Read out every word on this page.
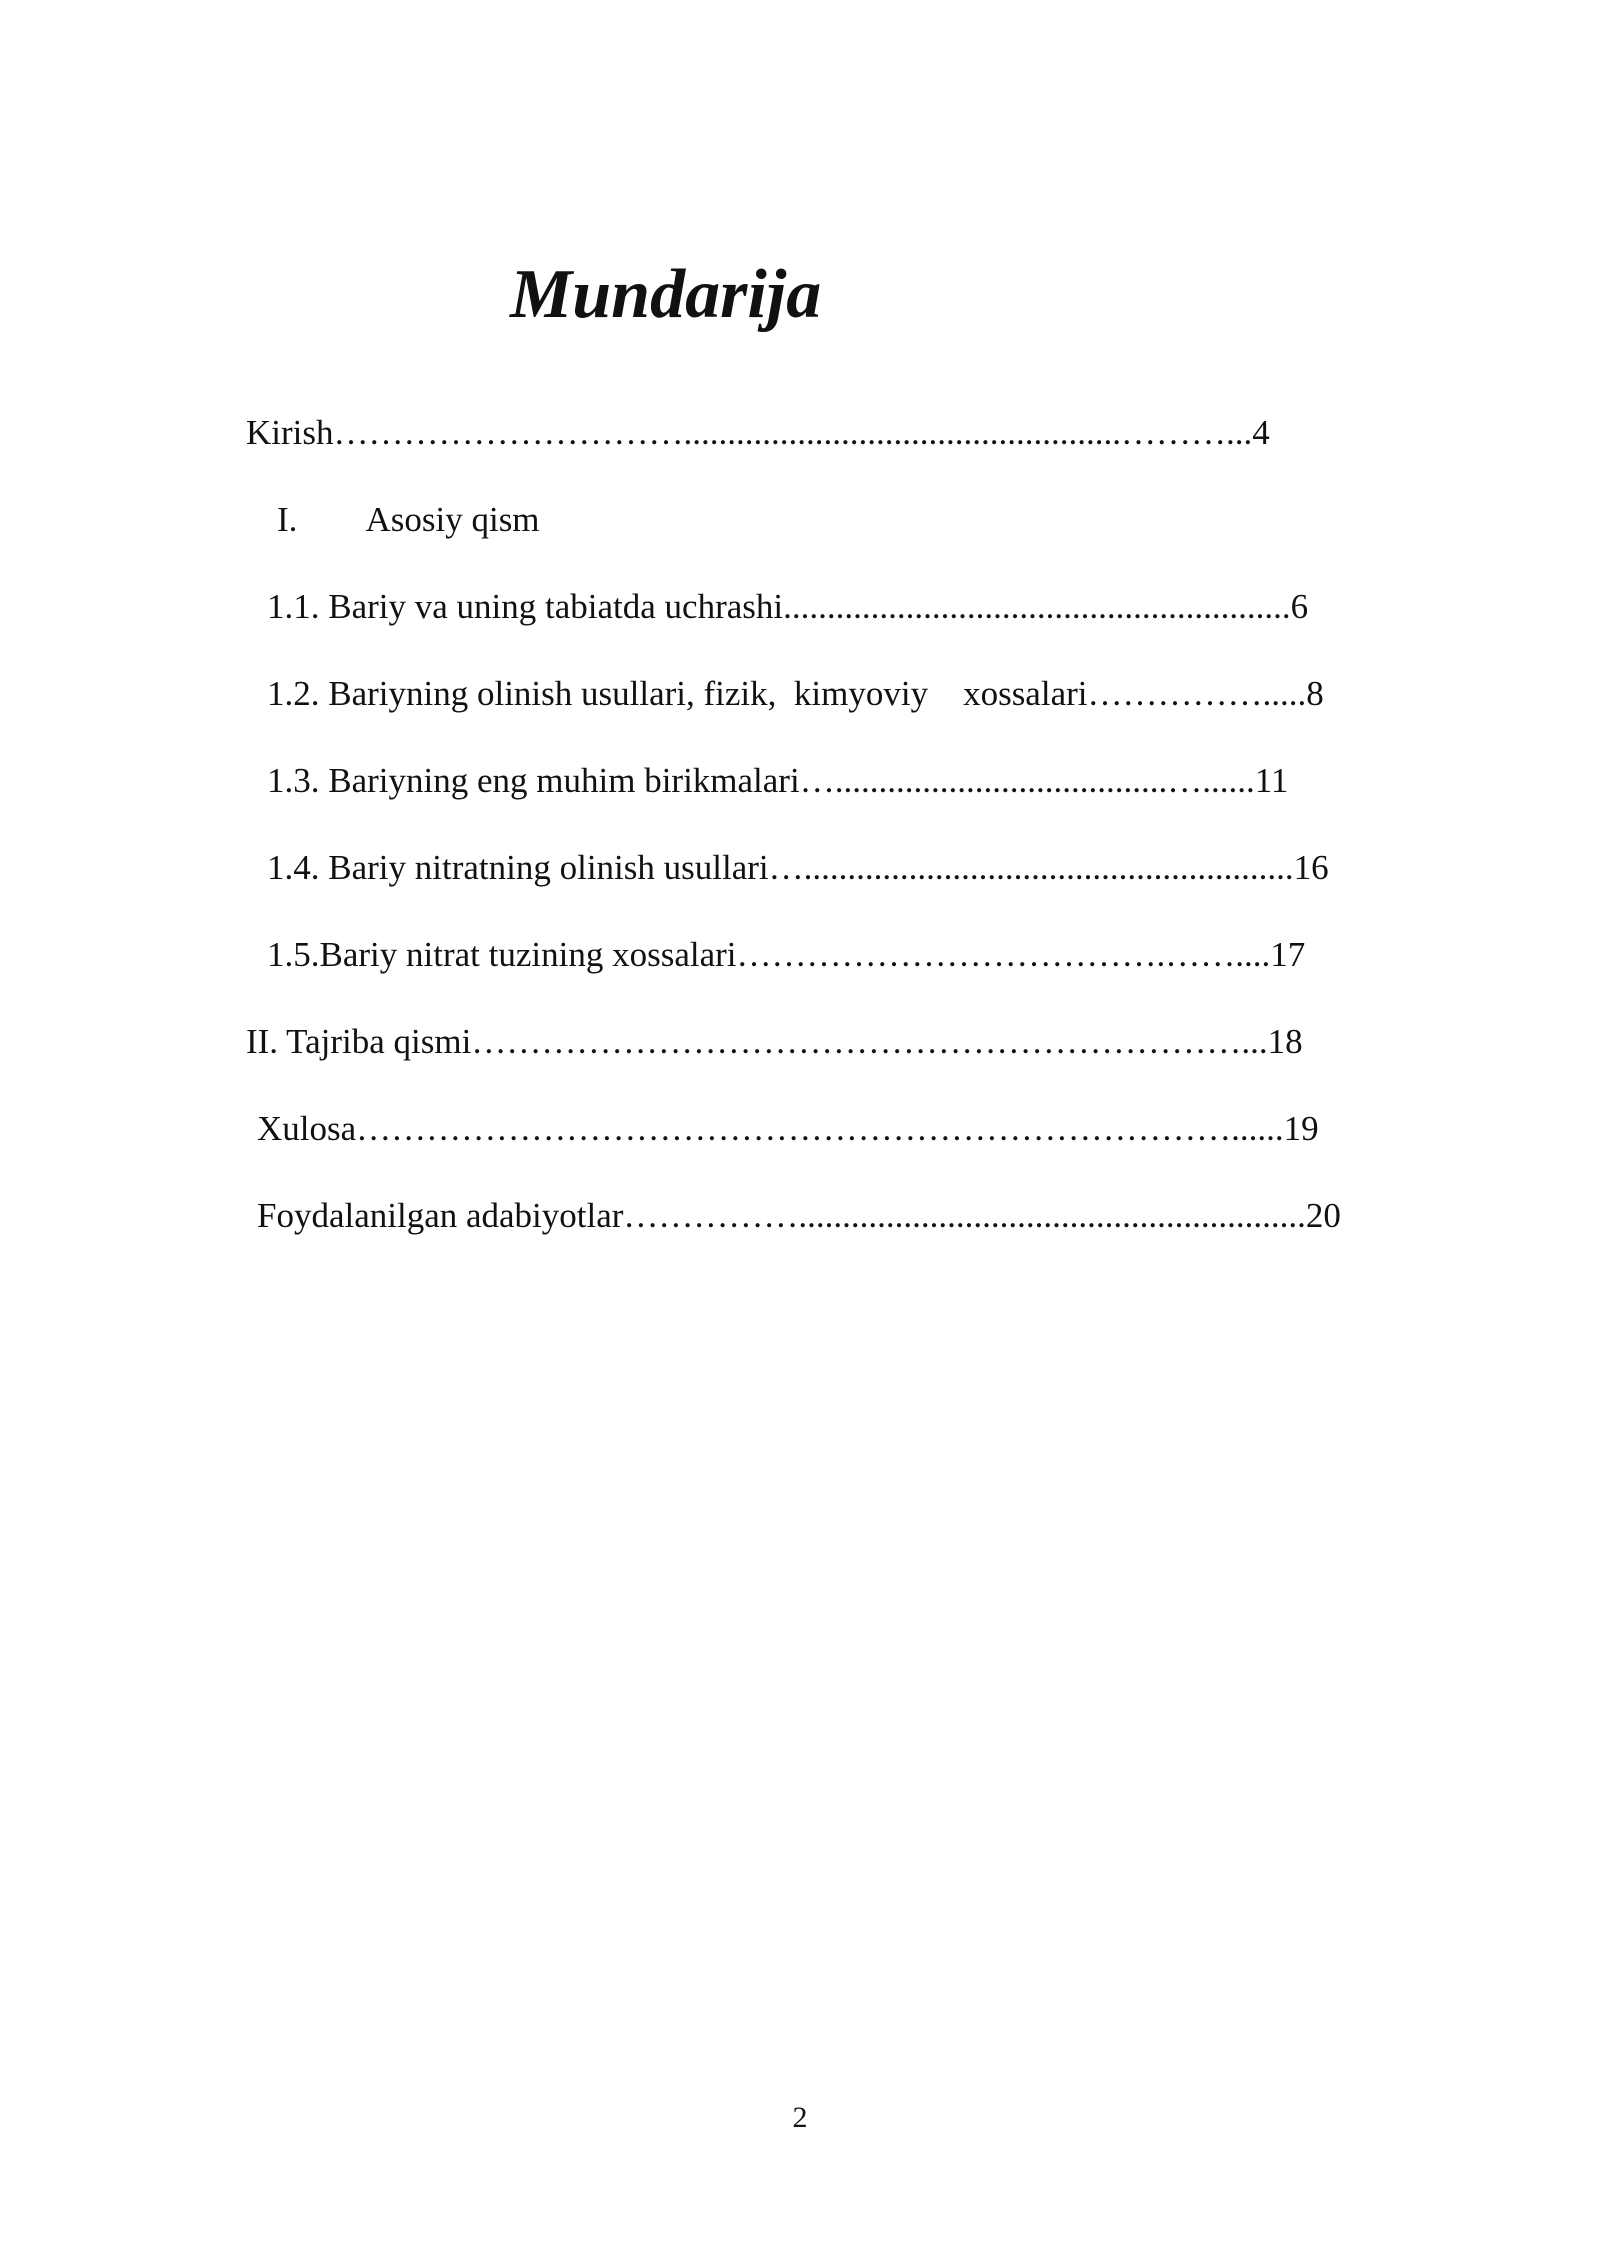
Mundarija

Kirish…………………………..................................................………...4

I.        Asosiy qism

1.1. Bariy va uning tabiatda uchrashi..........................................................6

1.2. Bariyning olinish usullari, fizik,  kimyoviy    xossalari…………….....8

1.3. Bariyning eng muhim birikmalari…......................................…......11

1.4. Bariy nitratning olinish usullari…........................................................16

1.5.Bariy nitrat tuzining xossalari……………………………….……....17

II. Tajriba qismi…………………………………………………………...18

Xulosa…………………………………………………………………......19

Foydalanilgan adabiyotlar……………..........................................................20

2
